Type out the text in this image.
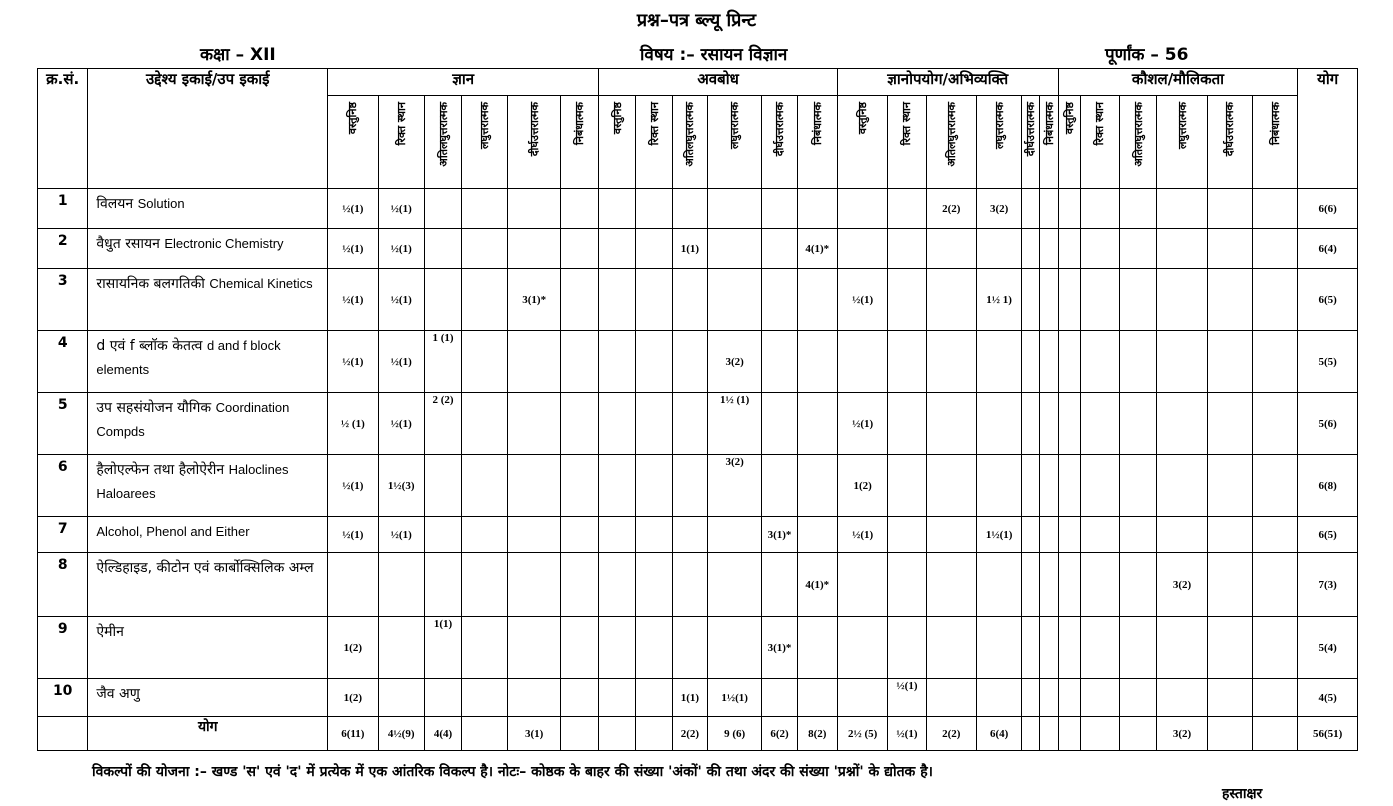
प्रश्न–पत्र ब्ल्यू प्रिन्ट
कक्षा – XII	विषय :– रसायन विज्ञान	पूर्णांक – 56
क्र.सं.	उद्देश्य इकाई/उप इकाई	ज्ञान						अवबोध						ज्ञानोपयोग/अभिव्यक्ति						कौशल/मौलिकता						योग
		वस्तुनिष्ठ	रिक्त स्थान	अतिलघुत्तरात्मक	लघुत्तरात्मक	दीर्घउत्तरात्मक	निबंधात्मक	वस्तुनिष्ठ	रिक्त स्थान	अतिलघुत्तरात्मक	लघुत्तरात्मक	दीर्घउत्तरात्मक	निबंधात्मक	वस्तुनिष्ठ	रिक्त स्थान	अतिलघुत्तरात्मक	लघुत्तरात्मक	दीर्घउत्तरात्मक	निबंधात्मक	वस्तुनिष्ठ	रिक्त स्थान	अतिलघुत्तरात्मक	लघुत्तरात्मक	दीर्घउत्तरात्मक	निबंधात्मक	
1	विलयन Solution	½(1)	½(1)													2(2)	3(2)									6(6)

2	वैधुत रसायन Electronic Chemistry	½(1)	½(1)							1(1)			4(1)*													6(4)

3	रासायनिक बलगतिकी Chemical Kinetics	½(1)	½(1)			3(1)*								½(1)			1½ 1)									6(5)

4	d एवं f ब्लॉक केतत्व d and f block elements	½(1)	½(1)	1 (1)							3(2)															5(5)

5	उप सहसंयोजन यौगिक Coordination Compds	½ (1)	½(1)	2 (2)							1½ (1)			½(1)												5(6)

6	हैलोएल्फेन तथा हैलोऐरीन Haloclines Haloarees	½(1)	1½(3)								3(2)			1(2)												6(8)

7	Alcohol, Phenol and Either	½(1)	½(1)									3(1)*		½(1)			1½(1)									6(5)

8	ऐल्डिहाइड, कीटोन एवं कार्बोक्सिलिक अम्ल												4(1)*										3(2)			7(3)

9	ऐमीन	1(2)		1(1)								3(1)*														5(4)

10	जैव अणु	1(2)								1(1)	1½(1)				½(1)											4(5)

	योग	6(11)	4½(9)	4(4)		3(1)				2(2)	9 (6)	6(2)	8(2)	2½ (5)	½(1)	2(2)	6(4)						3(2)			56(51)
विकल्पों की योजना :– खण्ड 'स' एवं 'द' में प्रत्येक में एक आंतरिक विकल्प है। नोटः– कोष्ठक के बाहर की संख्या 'अंकों' की तथा अंदर की संख्या 'प्रश्नों' के द्योतक है।
हस्ताक्षर
